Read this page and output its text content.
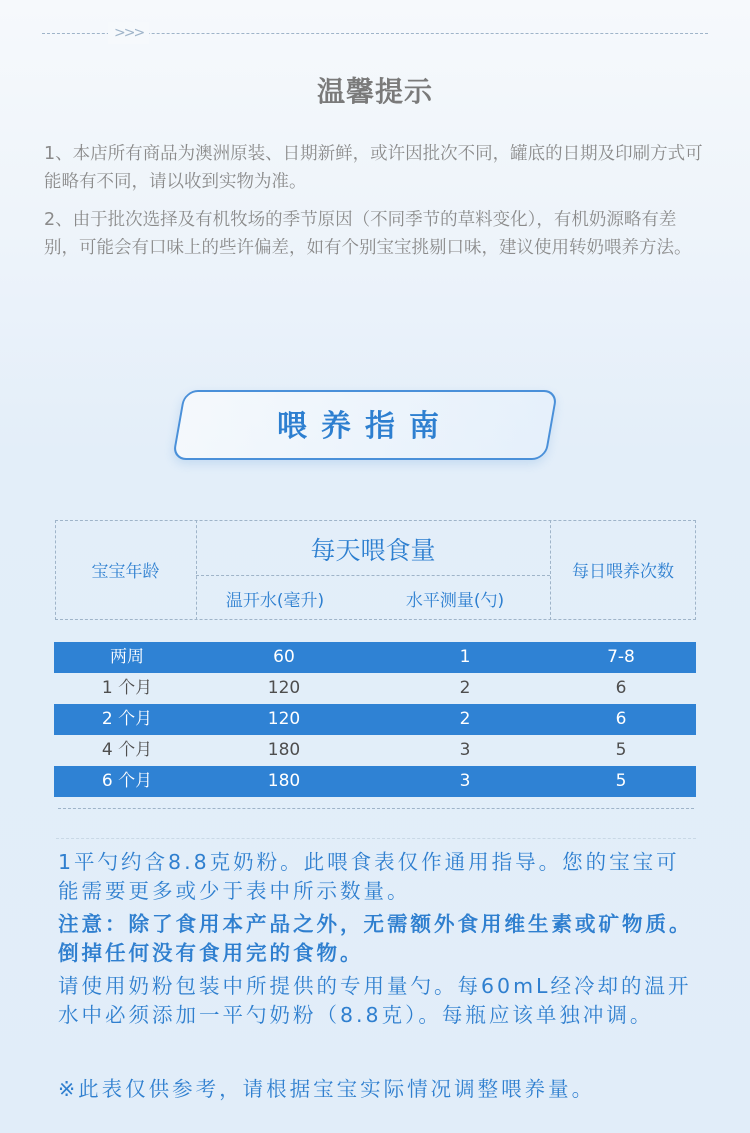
>>>
温馨提示
1、本店所有商品为澳洲原装、日期新鲜，或许因批次不同，罐底的日期及印刷方式可能略有不同，请以收到实物为准。
2、由于批次选择及有机牧场的季节原因（不同季节的草料变化），有机奶源略有差别，可能会有口味上的些许偏差，如有个别宝宝挑剔口味，建议使用转奶喂养方法。
喂养指南
宝宝年龄
每天喂食量
温开水(毫升)	水平测量(勺)
每日喂养次数
两周	60	1	7-8
1 个月	120	2	6
2 个月	120	2	6
4 个月	180	3	5
6 个月	180	3	5
1平勺约含8.8克奶粉。此喂食表仅作通用指导。您的宝宝可能需要更多或少于表中所示数量。
注意：除了食用本产品之外，无需额外食用维生素或矿物质。倒掉任何没有食用完的食物。
请使用奶粉包装中所提供的专用量勺。每60mL经冷却的温开水中必须添加一平勺奶粉（8.8克）。每瓶应该单独冲调。
※此表仅供参考，请根据宝宝实际情况调整喂养量。
